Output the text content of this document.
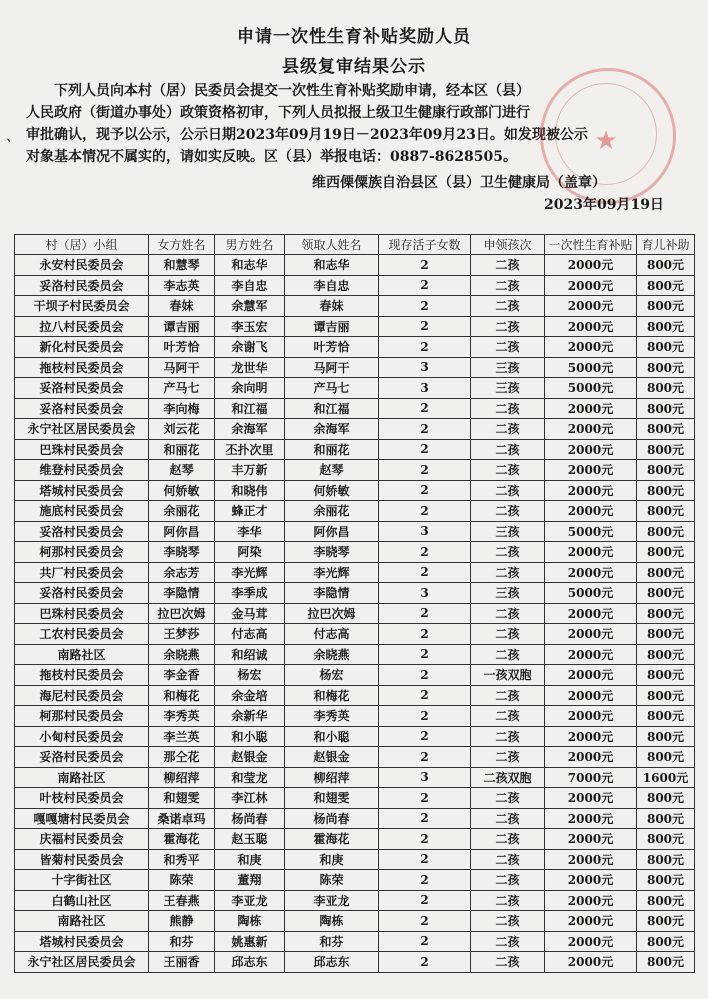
申请一次性生育补贴奖励人员
县级复审结果公示
、

下列人员向本村（居）民委员会提交一次性生育补贴奖励申请，经本区（县）

人民政府（街道办事处）政策资格初审，下列人员拟报上级卫生健康行政部门进行

审批确认，现予以公示，公示日期2023年09月19日－2023年09月23日。如发现被公示

对象基本情况不属实的，请如实反映。区（县）举报电话：0887-8628505。

★
维西傈僳族自治县区（县）卫生健康局（盖章）
2023年09月19日
村（居）小组	女方姓名	男方姓名	领取人姓名	现存活子女数	申领孩次	一次性生育补贴	育儿补助
永安村民委员会	和慧琴	和志华	和志华	2	二孩	2000元	800元
妥洛村民委员会	李志英	李自忠	李自忠	2	二孩	2000元	800元
干坝子村民委员会	春妹	余慧军	春妹	2	二孩	2000元	800元
拉八村民委员会	谭吉丽	李玉宏	谭吉丽	2	二孩	2000元	800元
新化村民委员会	叶芳恰	余谢飞	叶芳恰	2	二孩	2000元	800元
拖枝村民委员会	马阿干	龙世华	马阿干	3	三孩	5000元	800元
妥洛村民委员会	产马七	余向明	产马七	3	三孩	5000元	800元
妥洛村民委员会	李向梅	和江福	和江福	2	二孩	2000元	800元
永宁社区居民委员会	刘云花	余海军	余海军	2	二孩	2000元	800元
巴珠村民委员会	和丽花	丕扑次里	和丽花	2	二孩	2000元	800元
维登村民委员会	赵琴	丰万新	赵琴	2	二孩	2000元	800元
塔城村民委员会	何娇敏	和晓伟	何娇敏	2	二孩	2000元	800元
施底村民委员会	余丽花	蜂正才	余丽花	2	二孩	2000元	800元
妥洛村民委员会	阿你昌	李华	阿你昌	3	三孩	5000元	800元
柯那村民委员会	李晓琴	阿染	李晓琴	2	二孩	2000元	800元
共厂村民委员会	余志芳	李光辉	李光辉	2	二孩	2000元	800元
妥洛村民委员会	李隐情	李季成	李隐情	3	三孩	5000元	800元
巴珠村民委员会	拉巴次姆	金马茸	拉巴次姆	2	二孩	2000元	800元
工农村民委员会	王梦莎	付志高	付志高	2	二孩	2000元	800元
南路社区	余晓燕	和绍诚	余晓燕	2	二孩	2000元	800元
拖枝村民委员会	李金香	杨宏	杨宏	2	一孩双胞	2000元	800元
海尼村民委员会	和梅花	余金培	和梅花	2	二孩	2000元	800元
柯那村民委员会	李秀英	余新华	李秀英	2	二孩	2000元	800元
小甸村民委员会	李兰英	和小聪	和小聪	2	二孩	2000元	800元
妥洛村民委员会	那仝花	赵银金	赵银金	2	二孩	2000元	800元
南路社区	柳绍萍	和莹龙	柳绍萍	3	二孩双胞	7000元	1600元
叶枝村民委员会	和翅雯	李江林	和翅雯	2	二孩	2000元	800元
嘎嘎塘村民委员会	桑诺卓玛	杨尚春	杨尚春	2	二孩	2000元	800元
庆福村民委员会	霍海花	赵玉聪	霍海花	2	二孩	2000元	800元
皆菊村民委员会	和秀平	和庚	和庚	2	二孩	2000元	800元
十字街社区	陈荣	董翔	陈荣	2	二孩	2000元	800元
白鹤山社区	王春燕	李亚龙	李亚龙	2	二孩	2000元	800元
南路社区	熊静	陶栋	陶栋	2	二孩	2000元	800元
塔城村民委员会	和芬	姚惠新	和芬	2	二孩	2000元	800元
永宁社区居民委员会	王丽香	邱志东	邱志东	2	二孩	2000元	800元
